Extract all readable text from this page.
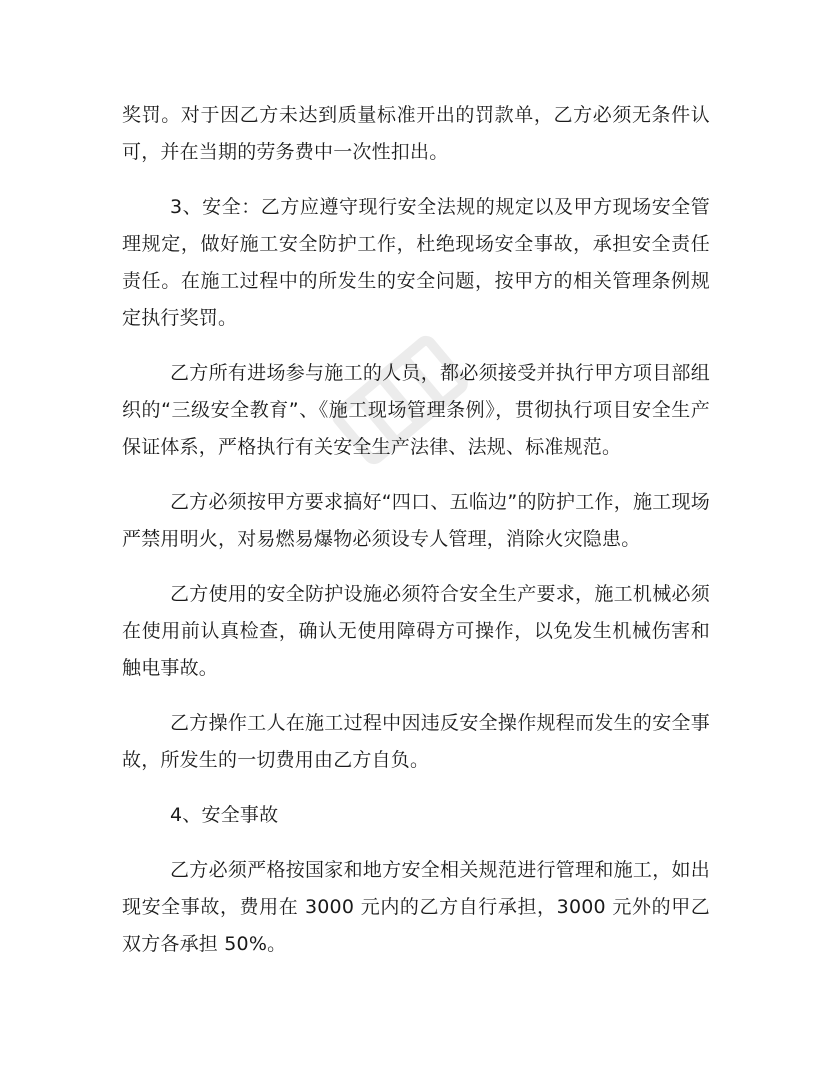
奖罚。对于因乙方未达到质量标准开出的罚款单，乙方必须无条件认可，并在当期的劳务费中一次性扣出。

3、安全：乙方应遵守现行安全法规的规定以及甲方现场安全管理规定，做好施工安全防护工作，杜绝现场安全事故，承担安全责任责任。在施工过程中的所发生的安全问题，按甲方的相关管理条例规定执行奖罚。

乙方所有进场参与施工的人员，都必须接受并执行甲方项目部组织的“三级安全教育”、《施工现场管理条例》，贯彻执行项目安全生产保证体系，严格执行有关安全生产法律、法规、标准规范。

乙方必须按甲方要求搞好“四口、五临边”的防护工作，施工现场严禁用明火，对易燃易爆物必须设专人管理，消除火灾隐患。

乙方使用的安全防护设施必须符合安全生产要求，施工机械必须在使用前认真检查，确认无使用障碍方可操作，以免发生机械伤害和触电事故。

乙方操作工人在施工过程中因违反安全操作规程而发生的安全事故，所发生的一切费用由乙方自负。

4、安全事故

乙方必须严格按国家和地方安全相关规范进行管理和施工，如出现安全事故，费用在 3000 元内的乙方自行承担，3000 元外的甲乙双方各承担 50%。
